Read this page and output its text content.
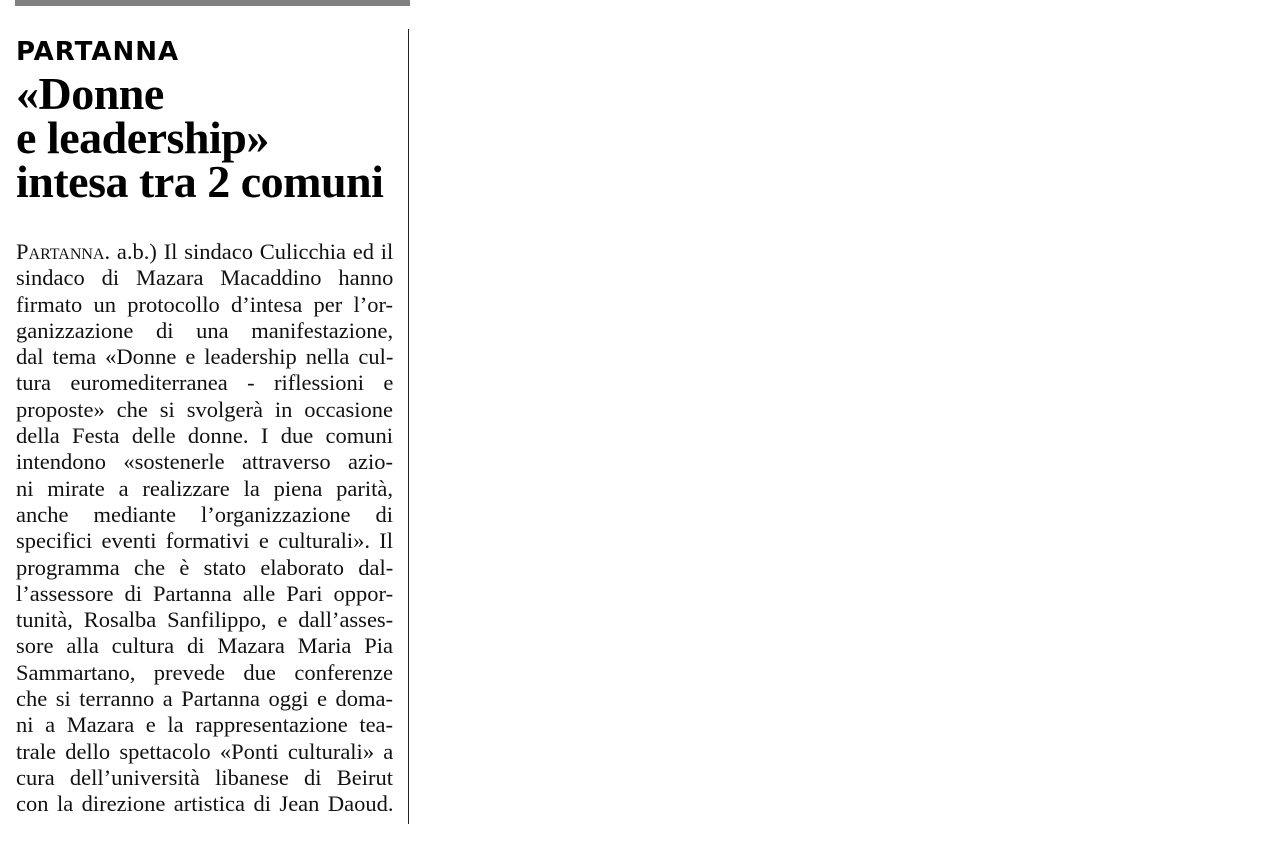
PARTANNA
«Donne
e leadership»
intesa tra 2 comuni
Partanna. a.b.) Il sindaco Culicchia ed il
sindaco di Mazara Macaddino hanno
firmato un protocollo d’intesa per l’or-
ganizzazione di una manifestazione,
dal tema «Donne e leadership nella cul-
tura euromediterranea - riflessioni e
proposte» che si svolgerà in occasione
della Festa delle donne. I due comuni
intendono «sostenerle attraverso azio-
ni mirate a realizzare la piena parità,
anche mediante l’organizzazione di
specifici eventi formativi e culturali». Il
programma che è stato elaborato dal-
l’assessore di Partanna alle Pari oppor-
tunità, Rosalba Sanfilippo, e dall’asses-
sore alla cultura di Mazara Maria Pia
Sammartano, prevede due conferenze
che si terranno a Partanna oggi e doma-
ni a Mazara e la rappresentazione tea-
trale dello spettacolo «Ponti culturali» a
cura dell’università libanese di Beirut
con la direzione artistica di Jean Daoud.
